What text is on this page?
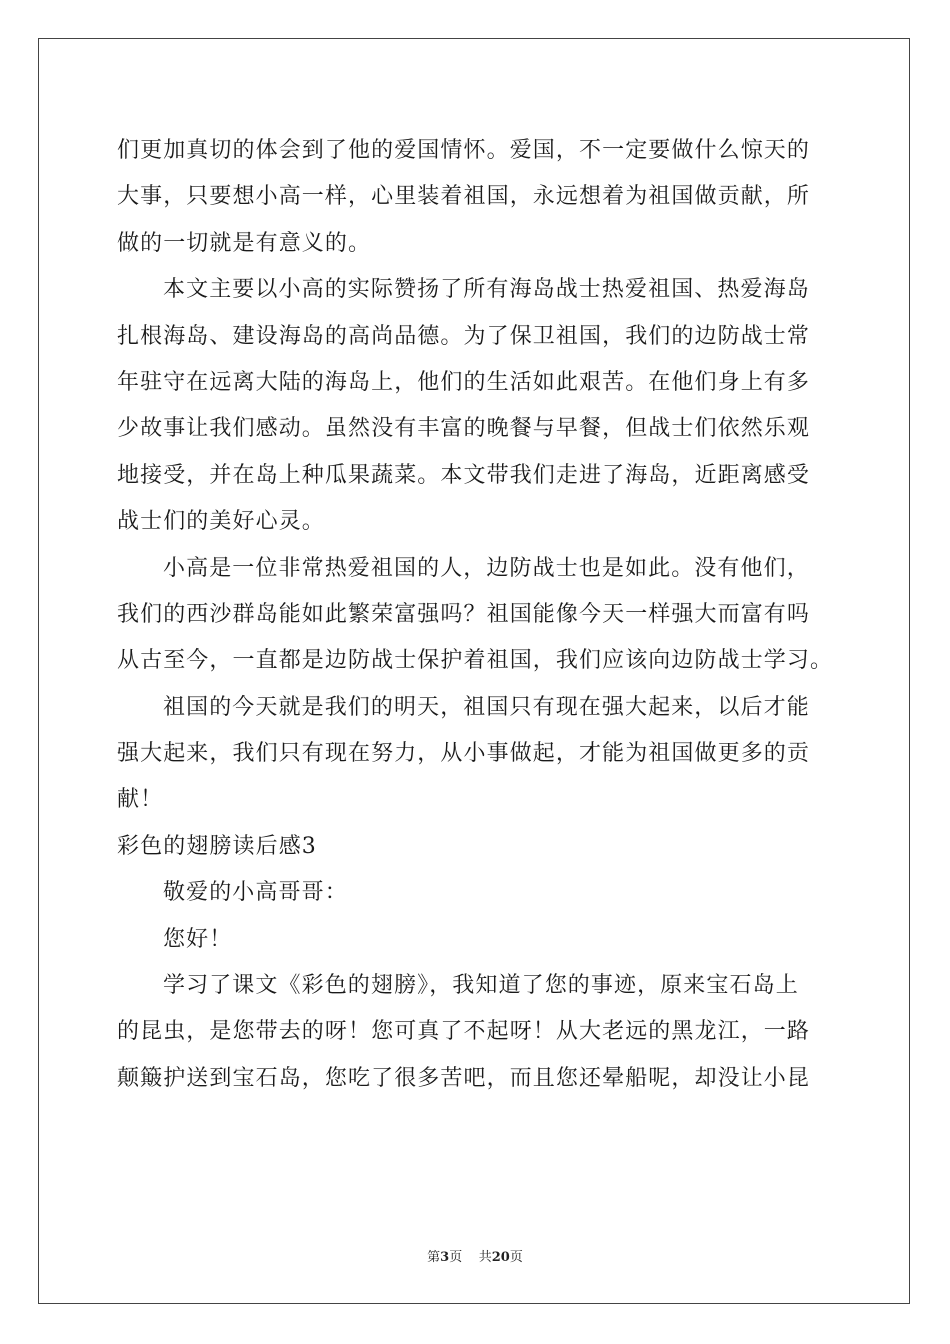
们更加真切的体会到了他的爱国情怀。爱国，不一定要做什么惊天的
大事，只要想小高一样，心里装着祖国，永远想着为祖国做贡献，所
做的一切就是有意义的。
本文主要以小高的实际赞扬了所有海岛战士热爱祖国、热爱海岛
扎根海岛、建设海岛的高尚品德。为了保卫祖国，我们的边防战士常
年驻守在远离大陆的海岛上，他们的生活如此艰苦。在他们身上有多
少故事让我们感动。虽然没有丰富的晚餐与早餐，但战士们依然乐观
地接受，并在岛上种瓜果蔬菜。本文带我们走进了海岛，近距离感受
战士们的美好心灵。
小高是一位非常热爱祖国的人，边防战士也是如此。没有他们，
我们的西沙群岛能如此繁荣富强吗？祖国能像今天一样强大而富有吗
从古至今，一直都是边防战士保护着祖国，我们应该向边防战士学习。
祖国的今天就是我们的明天，祖国只有现在强大起来，以后才能
强大起来，我们只有现在努力，从小事做起，才能为祖国做更多的贡
献！
彩色的翅膀读后感3
敬爱的小高哥哥：
您好！
学习了课文《彩色的翅膀》，我知道了您的事迹，原来宝石岛上
的昆虫，是您带去的呀！您可真了不起呀！从大老远的黑龙江，一路
颠簸护送到宝石岛，您吃了很多苦吧，而且您还晕船呢，却没让小昆
第3页 共20页
